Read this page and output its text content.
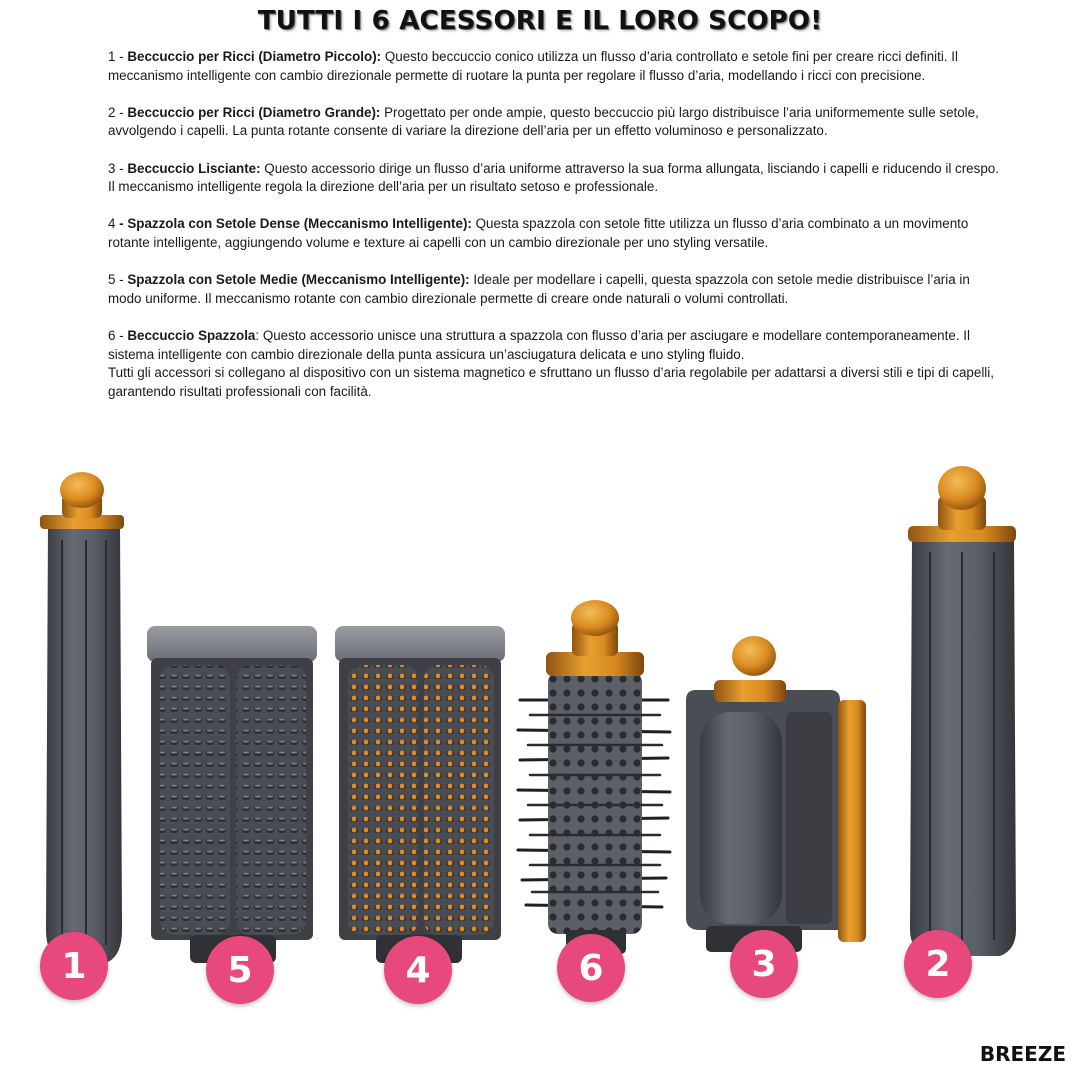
TUTTI I 6 ACESSORI E IL LORO SCOPO!

1 - Beccuccio per Ricci (Diametro Piccolo): Questo beccuccio conico utilizza un flusso d’aria controllato e setole fini per creare ricci definiti. Il meccanismo intelligente con cambio direzionale permette di ruotare la punta per regolare il flusso d’aria, modellando i ricci con precisione.

2 - Beccuccio per Ricci (Diametro Grande): Progettato per onde ampie, questo beccuccio più largo distribuisce l’aria uniformemente sulle setole, avvolgendo i capelli. La punta rotante consente di variare la direzione dell’aria per un effetto voluminoso e personalizzato.

3 - Beccuccio Lisciante: Questo accessorio dirige un flusso d’aria uniforme attraverso la sua forma allungata, lisciando i capelli e riducendo il crespo. Il meccanismo intelligente regola la direzione dell’aria per un risultato setoso e professionale.

4 - Spazzola con Setole Dense (Meccanismo Intelligente): Questa spazzola con setole fitte utilizza un flusso d’aria combinato a un movimento rotante intelligente, aggiungendo volume e texture ai capelli con un cambio direzionale per uno styling versatile.

5 - Spazzola con Setole Medie (Meccanismo Intelligente): Ideale per modellare i capelli, questa spazzola con setole medie distribuisce l’aria in modo uniforme. Il meccanismo rotante con cambio direzionale permette di creare onde naturali o volumi controllati.

6 - Beccuccio Spazzola: Questo accessorio unisce una struttura a spazzola con flusso d’aria per asciugare e modellare contemporaneamente. Il sistema intelligente con cambio direzionale della punta assicura un’asciugatura delicata e uno styling fluido.

Tutti gli accessori si collegano al dispositivo con un sistema magnetico e sfruttano un flusso d’aria regolabile per adattarsi a diversi stili e tipi di capelli, garantendo risultati professionali con facilità.

1	5	4	6	3	2
BREEZE
